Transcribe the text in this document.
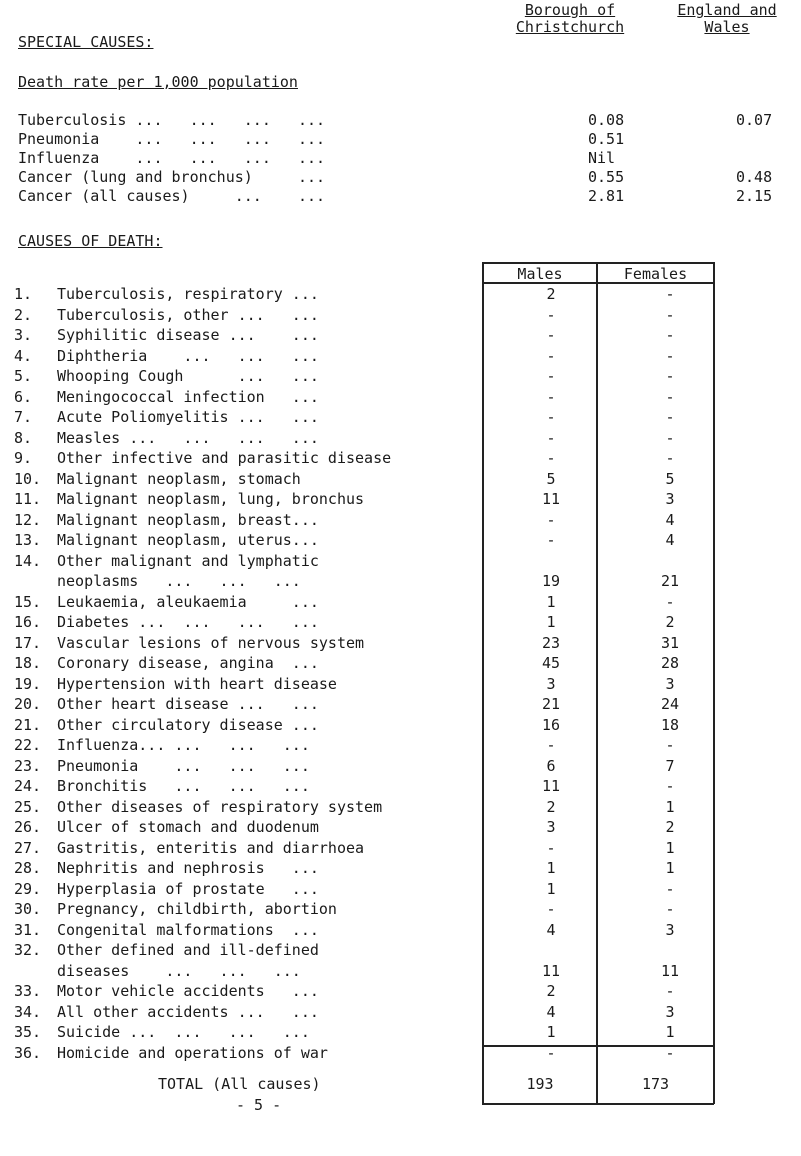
SPECIAL CAUSES:
Borough of
Christchurch
England and
Wales
Death rate per 1,000 population
Tuberculosis ...   ...   ...   ...	0.08	0.07
Pneumonia    ...   ...   ...   ...	0.51
Influenza    ...   ...   ...   ...	Nil
Cancer (lung and bronchus)     ...	0.55	0.48
Cancer (all causes)     ...    ...	2.81	2.15
CAUSES OF DEATH:
Males	Females
1.	Tuberculosis, respiratory ...	2	-
2.	Tuberculosis, other ...   ...	-	-
3.	Syphilitic disease ...    ...	-	-
4.	Diphtheria    ...   ...   ...	-	-
5.	Whooping Cough      ...   ...	-	-
6.	Meningococcal infection   ...	-	-
7.	Acute Poliomyelitis ...   ...	-	-
8.	Measles ...   ...   ...   ...	-	-
9.	Other infective and parasitic disease	-	-
10. Malignant neoplasm, stomach	5	5
11. Malignant neoplasm, lung, bronchus	11	3
12. Malignant neoplasm, breast...	-	4
13. Malignant neoplasm, uterus...	-	4
14. Other malignant and lymphatic
neoplasms   ...   ...   ...	19	21
15. Leukaemia, aleukaemia     ...	1	-
16. Diabetes ...  ...   ...   ...	1	2
17. Vascular lesions of nervous system	23	31
18. Coronary disease, angina  ...	45	28
19. Hypertension with heart disease	3	3
20. Other heart disease ...   ...	21	24
21. Other circulatory disease ...	16	18
22. Influenza... ...   ...   ...	-	-
23. Pneumonia    ...   ...   ...	6	7
24. Bronchitis   ...   ...   ...	11	-
25. Other diseases of respiratory system	2	1
26. Ulcer of stomach and duodenum	3	2
27. Gastritis, enteritis and diarrhoea	-	1
28. Nephritis and nephrosis   ...	1	1
29. Hyperplasia of prostate   ...	1	-
30. Pregnancy, childbirth, abortion	-	-
31. Congenital malformations  ...	4	3
32. Other defined and ill-defined
diseases    ...   ...   ...	11	11
33. Motor vehicle accidents   ...	2	-
34. All other accidents ...   ...	4	3
35. Suicide ...  ...   ...   ...	1	1
36. Homicide and operations of war	-	-
TOTAL (All causes)	193	173
- 5 -
